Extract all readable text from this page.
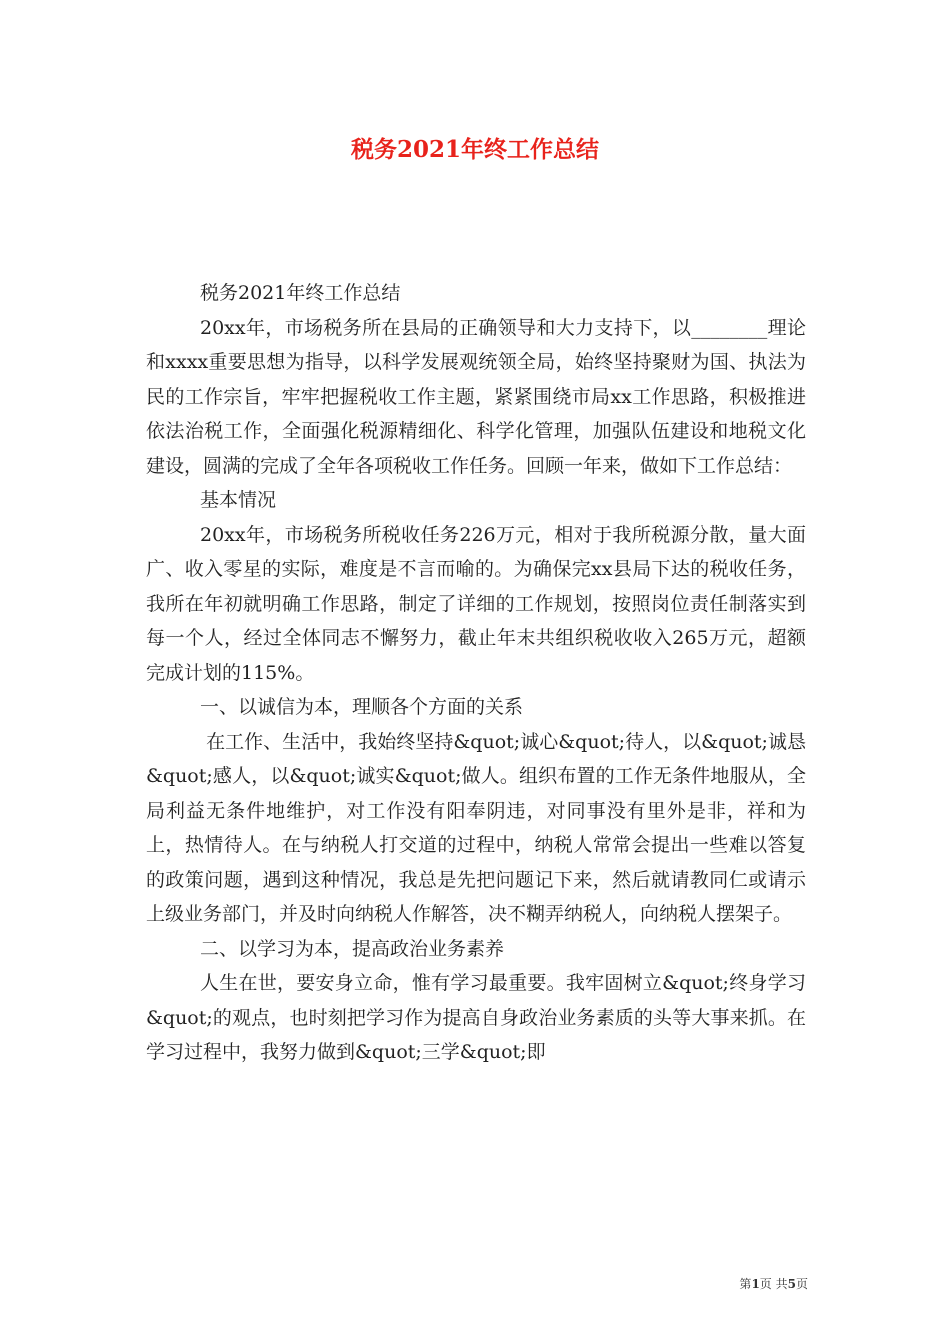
税务2021年终工作总结

税务2021年终工作总结

20xx年，市场税务所在县局的正确领导和大力支持下，以________理论和xxxx重要思想为指导，以科学发展观统领全局，始终坚持聚财为国、执法为民的工作宗旨，牢牢把握税收工作主题，紧紧围绕市局xx工作思路，积极推进依法治税工作，全面强化税源精细化、科学化管理，加强队伍建设和地税文化建设，圆满的完成了全年各项税收工作任务。回顾一年来，做如下工作总结：

基本情况

20xx年，市场税务所税收任务226万元，相对于我所税源分散，量大面广、收入零星的实际，难度是不言而喻的。为确保完xx县局下达的税收任务，我所在年初就明确工作思路，制定了详细的工作规划，按照岗位责任制落实到每一个人，经过全体同志不懈努力，截止年末共组织税收收入265万元，超额完成计划的115%。

一、以诚信为本，理顺各个方面的关系

在工作、生活中，我始终坚持&quot;诚心&quot;待人，以&quot;诚恳&quot;感人，以&quot;诚实&quot;做人。组织布置的工作无条件地服从，全局利益无条件地维护，对工作没有阳奉阴违，对同事没有里外是非，祥和为上，热情待人。在与纳税人打交道的过程中，纳税人常常会提出一些难以答复的政策问题，遇到这种情况，我总是先把问题记下来，然后就请教同仁或请示上级业务部门，并及时向纳税人作解答，决不糊弄纳税人，向纳税人摆架子。

二、以学习为本，提高政治业务素养

人生在世，要安身立命，惟有学习最重要。我牢固树立&quot;终身学习&quot;的观点，也时刻把学习作为提高自身政治业务素质的头等大事来抓。在学习过程中，我努力做到&quot;三学&quot;即

第1页 共5页
